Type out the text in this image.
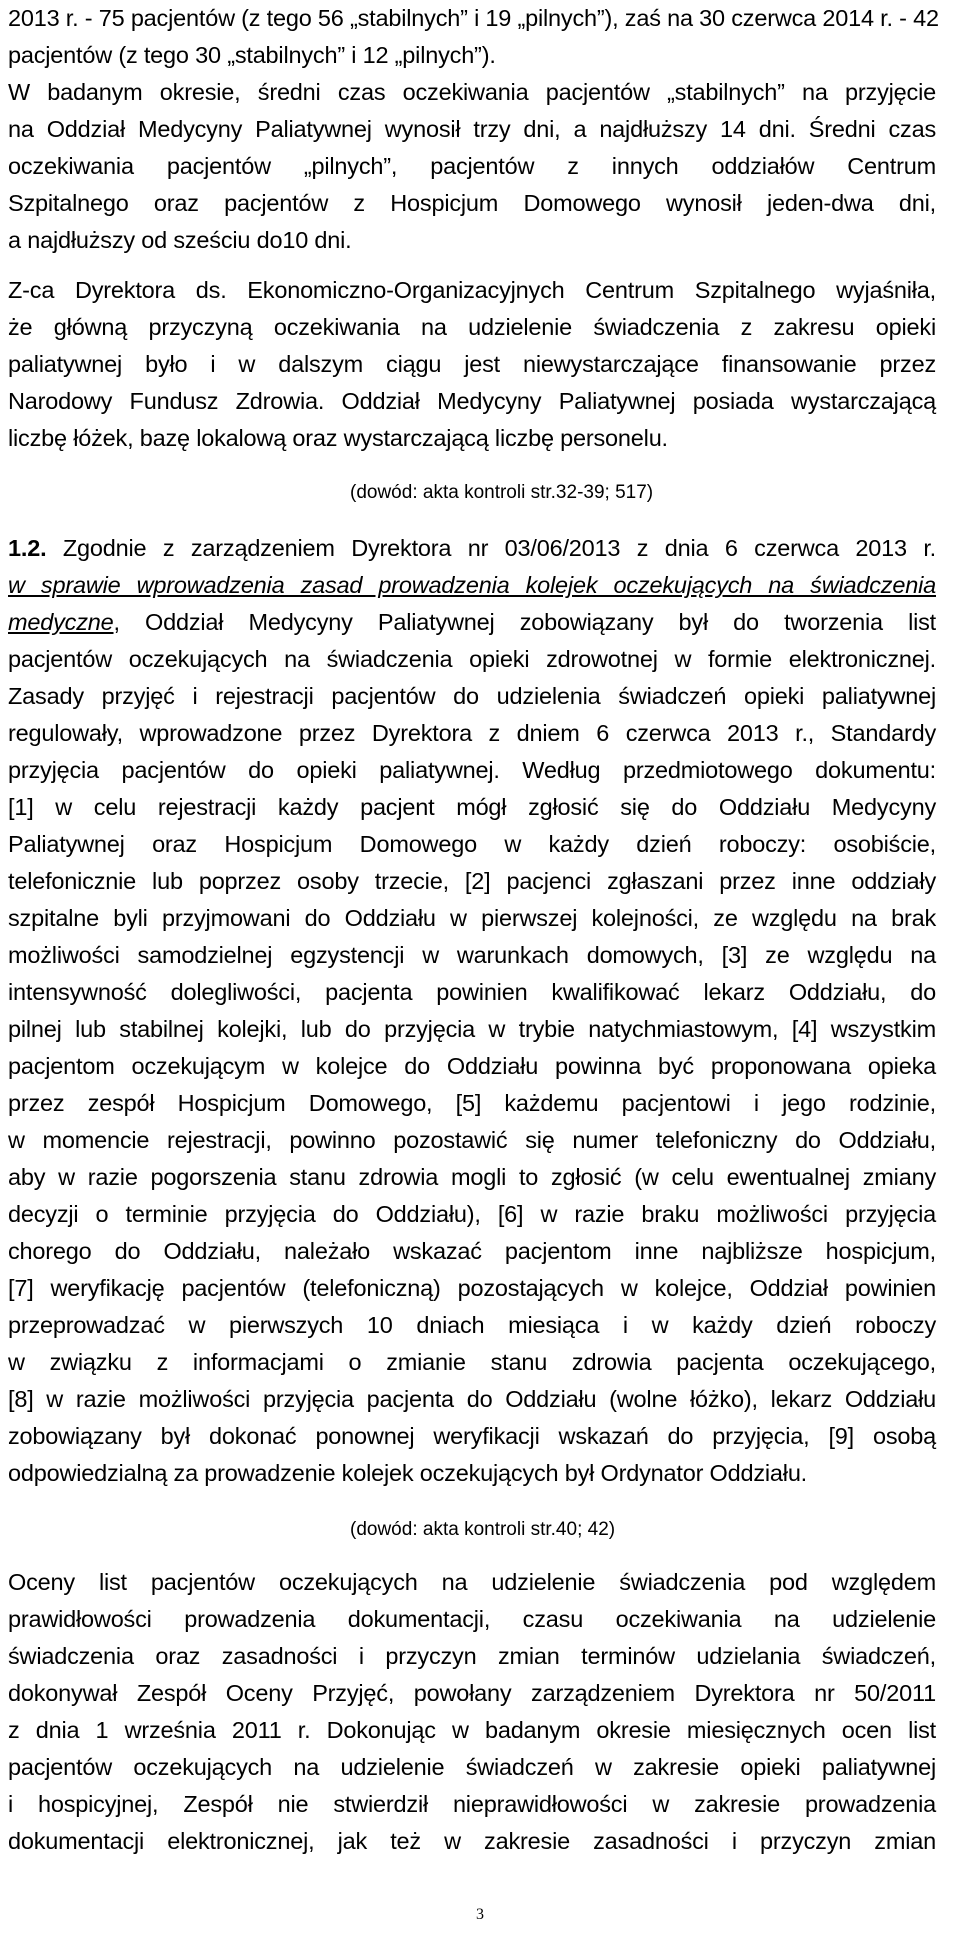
2013 r. - 75 pacjentów (z tego 56 „stabilnych” i 19 „pilnych”), zaś na 30 czerwca 2014 r. - 42
pacjentów (z tego 30 „stabilnych” i 12 „pilnych”).
W badanym okresie, średni czas oczekiwania pacjentów „stabilnych” na przyjęcie
na Oddział Medycyny Paliatywnej wynosił trzy dni, a najdłuższy 14 dni. Średni czas
oczekiwania pacjentów „pilnych”, pacjentów z innych oddziałów Centrum
Szpitalnego oraz pacjentów z Hospicjum Domowego wynosił jeden-dwa dni,
a najdłuższy od sześciu do10 dni.
Z-ca Dyrektora ds. Ekonomiczno-Organizacyjnych Centrum Szpitalnego wyjaśniła,
że główną przyczyną oczekiwania na udzielenie świadczenia z zakresu opieki
paliatywnej było i w dalszym ciągu jest niewystarczające finansowanie przez
Narodowy Fundusz Zdrowia. Oddział Medycyny Paliatywnej posiada wystarczającą
liczbę łóżek, bazę lokalową oraz wystarczającą liczbę personelu.
(dowód: akta kontroli str.32-39; 517)
1.2. Zgodnie z zarządzeniem Dyrektora nr 03/06/2013 z dnia 6 czerwca 2013 r.
w sprawie wprowadzenia zasad prowadzenia kolejek oczekujących na świadczenia
medyczne, Oddział Medycyny Paliatywnej zobowiązany był do tworzenia list
pacjentów oczekujących na świadczenia opieki zdrowotnej w formie elektronicznej.
Zasady przyjęć i rejestracji pacjentów do udzielenia świadczeń opieki paliatywnej
regulowały, wprowadzone przez Dyrektora z dniem 6 czerwca 2013 r., Standardy
przyjęcia pacjentów do opieki paliatywnej. Według przedmiotowego dokumentu:
[1] w celu rejestracji każdy pacjent mógł zgłosić się do Oddziału Medycyny
Paliatywnej oraz Hospicjum Domowego w każdy dzień roboczy: osobiście,
telefonicznie lub poprzez osoby trzecie, [2] pacjenci zgłaszani przez inne oddziały
szpitalne byli przyjmowani do Oddziału w pierwszej kolejności, ze względu na brak
możliwości samodzielnej egzystencji w warunkach domowych, [3] ze względu na
intensywność dolegliwości, pacjenta powinien kwalifikować lekarz Oddziału, do
pilnej lub stabilnej kolejki, lub do przyjęcia w trybie natychmiastowym, [4] wszystkim
pacjentom oczekującym w kolejce do Oddziału powinna być proponowana opieka
przez zespół Hospicjum Domowego, [5] każdemu pacjentowi i jego rodzinie,
w momencie rejestracji, powinno pozostawić się numer telefoniczny do Oddziału,
aby w razie pogorszenia stanu zdrowia mogli to zgłosić (w celu ewentualnej zmiany
decyzji o terminie przyjęcia do Oddziału), [6] w razie braku możliwości przyjęcia
chorego do Oddziału, należało wskazać pacjentom inne najbliższe hospicjum,
[7] weryfikację pacjentów (telefoniczną) pozostających w kolejce, Oddział powinien
przeprowadzać w pierwszych 10 dniach miesiąca i w każdy dzień roboczy
w związku z informacjami o zmianie stanu zdrowia pacjenta oczekującego,
[8] w razie możliwości przyjęcia pacjenta do Oddziału (wolne łóżko), lekarz Oddziału
zobowiązany był dokonać ponownej weryfikacji wskazań do przyjęcia, [9] osobą
odpowiedzialną za prowadzenie kolejek oczekujących był Ordynator Oddziału.
(dowód: akta kontroli str.40; 42)
Oceny list pacjentów oczekujących na udzielenie świadczenia pod względem
prawidłowości prowadzenia dokumentacji, czasu oczekiwania na udzielenie
świadczenia oraz zasadności i przyczyn zmian terminów udzielania świadczeń,
dokonywał Zespół Oceny Przyjęć, powołany zarządzeniem Dyrektora nr 50/2011
z dnia 1 września 2011 r. Dokonując w badanym okresie miesięcznych ocen list
pacjentów oczekujących na udzielenie świadczeń w zakresie opieki paliatywnej
i hospicyjnej, Zespół nie stwierdził nieprawidłowości w zakresie prowadzenia
dokumentacji elektronicznej, jak też w zakresie zasadności i przyczyn zmian
3
